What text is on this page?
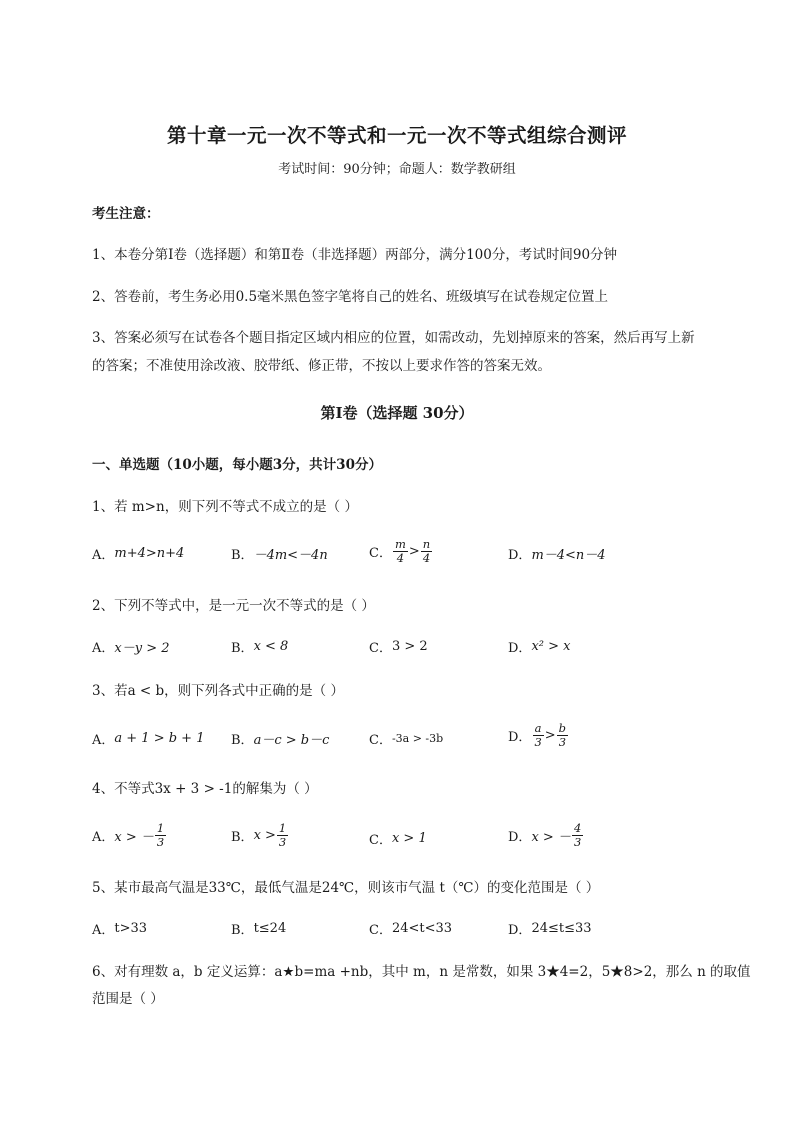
第十章一元一次不等式和一元一次不等式组综合测评
考试时间：90分钟；命题人：数学教研组
考生注意：
1、本卷分第I卷（选择题）和第Ⅱ卷（非选择题）两部分，满分100分，考试时间90分钟
2、答卷前，考生务必用0.5毫米黑色签字笔将自己的姓名、班级填写在试卷规定位置上
3、答案必须写在试卷各个题目指定区域内相应的位置，如需改动，先划掉原来的答案，然后再写上新
的答案；不准使用涂改液、胶带纸、修正带，不按以上要求作答的答案无效。
第I卷（选择题 30分）
一、单选题（10小题，每小题3分，共计30分）
1、若 m>n，则下列不等式不成立的是（ ）
A． m+4>n+4	B． －4m<－4n	C． $\frac{m}{4} > \frac{n}{4}$	D． m－4<n－4
2、下列不等式中，是一元一次不等式的是（ ）
A． x－y > 2	B． x < 8	C． 3 > 2	D． x² > x
3、若a < b，则下列各式中正确的是（ ）
A． a + 1 > b + 1 B． a－c > b－c	C． -3a > -3b	D． $\frac{a}{3} > \frac{b}{3}$
4、不等式3x + 3 > -1的解集为（ ）
A． x > － $\frac{1}{3}$	B． $x > \frac{1}{3}$	C． x > 1	D． x > － $\frac{4}{3}$
5、某市最高气温是33℃，最低气温是24℃，则该市气温 t（℃）的变化范围是（ ）
A． t>33	B． t≤24	C． 24<t<33	D． 24≤t≤33
6、对有理数 a，b 定义运算：a★b=ma +nb，其中 m，n 是常数，如果 3★4=2，5★8>2，那么 n 的取值
范围是（ ）
